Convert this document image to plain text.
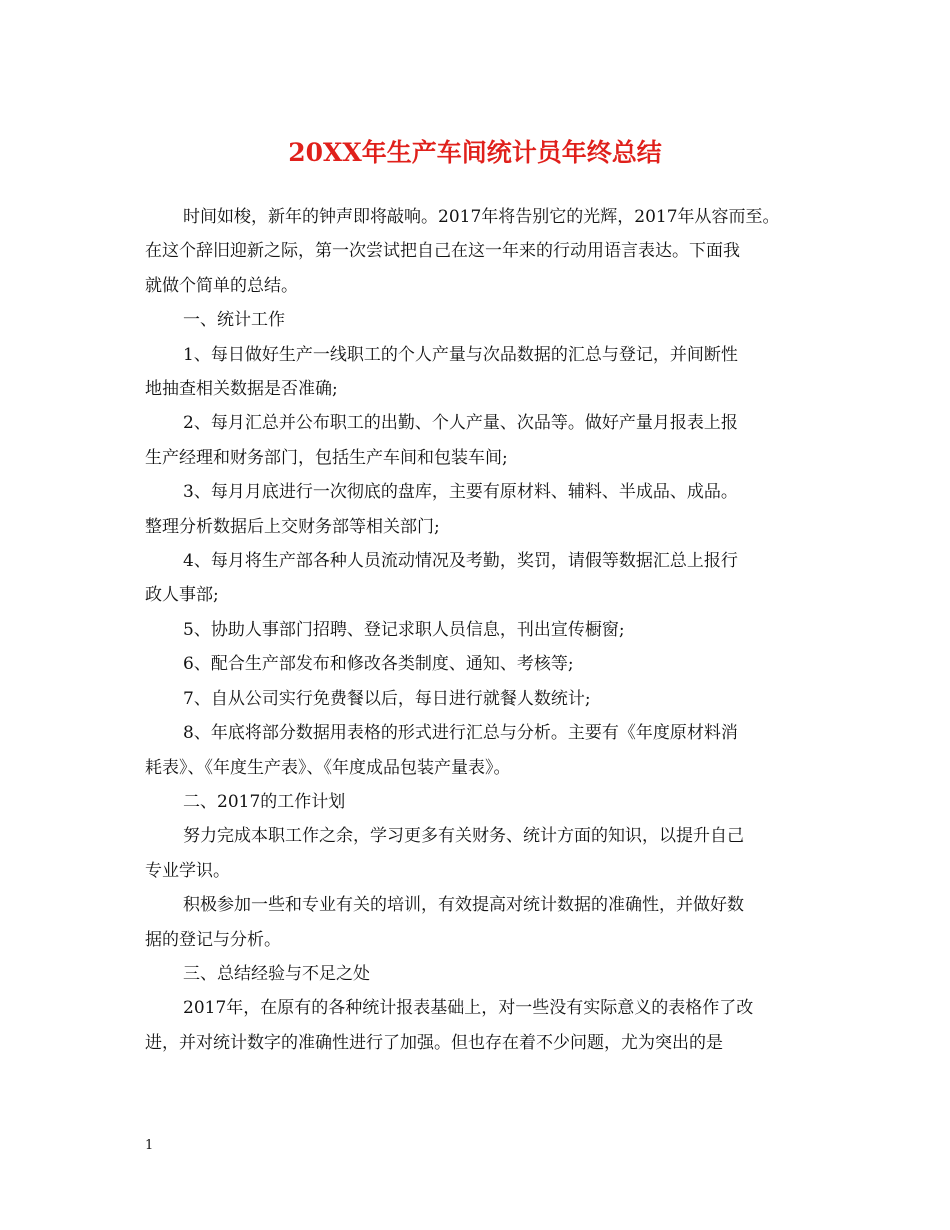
20XX年生产车间统计员年终总结

时间如梭，新年的钟声即将敲响。2017年将告别它的光辉，2017年从容而至。

在这个辞旧迎新之际，第一次尝试把自己在这一年来的行动用语言表达。下面我

就做个简单的总结。

一、统计工作

1、每日做好生产一线职工的个人产量与次品数据的汇总与登记，并间断性

地抽查相关数据是否准确;

2、每月汇总并公布职工的出勤、个人产量、次品等。做好产量月报表上报

生产经理和财务部门，包括生产车间和包装车间;

3、每月月底进行一次彻底的盘库，主要有原材料、辅料、半成品、成品。

整理分析数据后上交财务部等相关部门;

4、每月将生产部各种人员流动情况及考勤，奖罚，请假等数据汇总上报行

政人事部;

5、协助人事部门招聘、登记求职人员信息，刊出宣传橱窗;

6、配合生产部发布和修改各类制度、通知、考核等;

7、自从公司实行免费餐以后，每日进行就餐人数统计;

8、年底将部分数据用表格的形式进行汇总与分析。主要有《年度原材料消

耗表》、《年度生产表》、《年度成品包装产量表》。

二、2017的工作计划

努力完成本职工作之余，学习更多有关财务、统计方面的知识，以提升自己

专业学识。

积极参加一些和专业有关的培训，有效提高对统计数据的准确性，并做好数

据的登记与分析。

三、总结经验与不足之处

2017年，在原有的各种统计报表基础上，对一些没有实际意义的表格作了改

进，并对统计数字的准确性进行了加强。但也存在着不少问题，尤为突出的是

1
